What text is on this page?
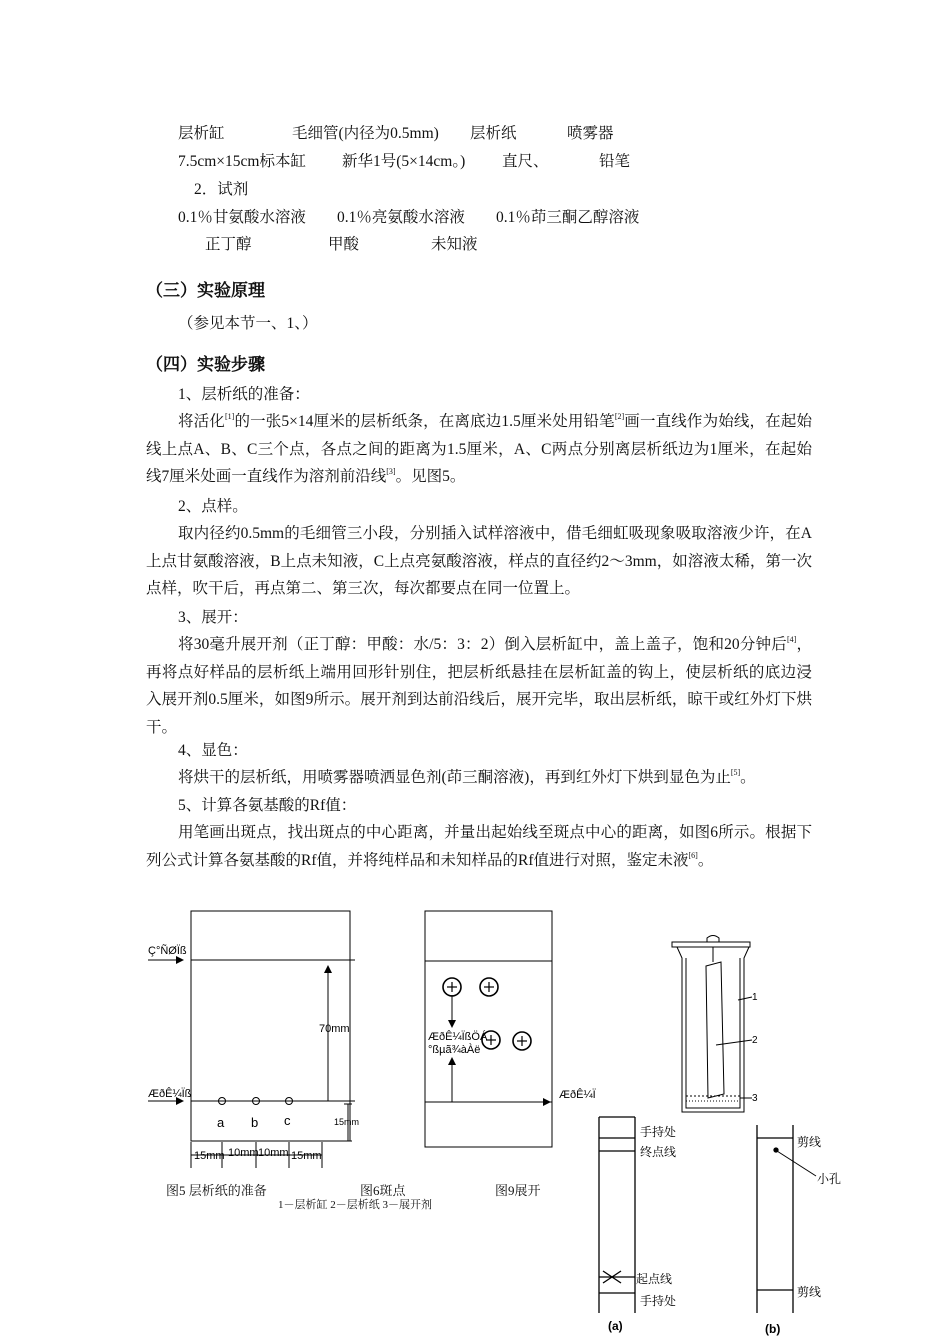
层析缸	毛细管(内径为0.5mm) 层析纸	喷雾器
7.5cm×15cm标本缸 新华1号(5×14cm。) 直尺、	铅笔
2．试剂
0.1％甘氨酸水溶液 0.1％亮氨酸水溶液 0.1％茚三酮乙醇溶液
正丁醇	甲酸	未知液
（三）实验原理
（参见本节一、1、）
（四）实验步骤
1、层析纸的准备：
将活化[1]的一张5×14厘米的层析纸条，在离底边1.5厘米处用铅笔[2]画一直线作为始线，在起始线上点A、B、C三个点，各点之间的距离为1.5厘米，A、C两点分别离层析纸边为1厘米，在起始线7厘米处画一直线作为溶剂前沿线[3]。见图5。
2、点样。
取内径约0.5mm的毛细管三小段，分别插入试样溶液中，借毛细虹吸现象吸取溶液少许，在A上点甘氨酸溶液，B上点未知液，C上点亮氨酸溶液，样点的直径约2～3mm，如溶液太稀，第一次点样，吹干后，再点第二、第三次，每次都要点在同一位置上。
3、展开：
将30毫升展开剂（正丁醇：甲酸：水/5：3：2）倒入层析缸中，盖上盖子，饱和20分钟后[4]，再将点好样品的层析纸上端用回形针别住，把层析纸悬挂在层析缸盖的钩上，使层析纸的底边浸入展开剂0.5厘米，如图9所示。展开剂到达前沿线后，展开完毕，取出层析纸，晾干或红外灯下烘干。
4、显色：
将烘干的层析纸，用喷雾器喷洒显色剂(茚三酮溶液)，再到红外灯下烘到显色为止[5]。
5、计算各氨基酸的Rf值：
用笔画出斑点，找出斑点的中心距离，并量出起始线至斑点中心的距离，如图6所示。根据下列公式计算各氨基酸的Rf值，并将纯样品和未知样品的Rf值进行对照，鉴定未液[6]。
Ç°ÑØÏß
ÆðÊ¼Ïß
70mm
15mm
a b c
15mm 10mm 10mm 15mm
ÆðÊ¼ÏßÖÁ
°ßµã¾àÀë
ÆðÊ¼Ï
1
2
3
手持处
终点线
起点线
手持处
(a)
剪线
小孔
剪线
(b)
图5 层析纸的准备	图6斑点	图9展开
1－层析缸 2－层析纸 3－展开剂
